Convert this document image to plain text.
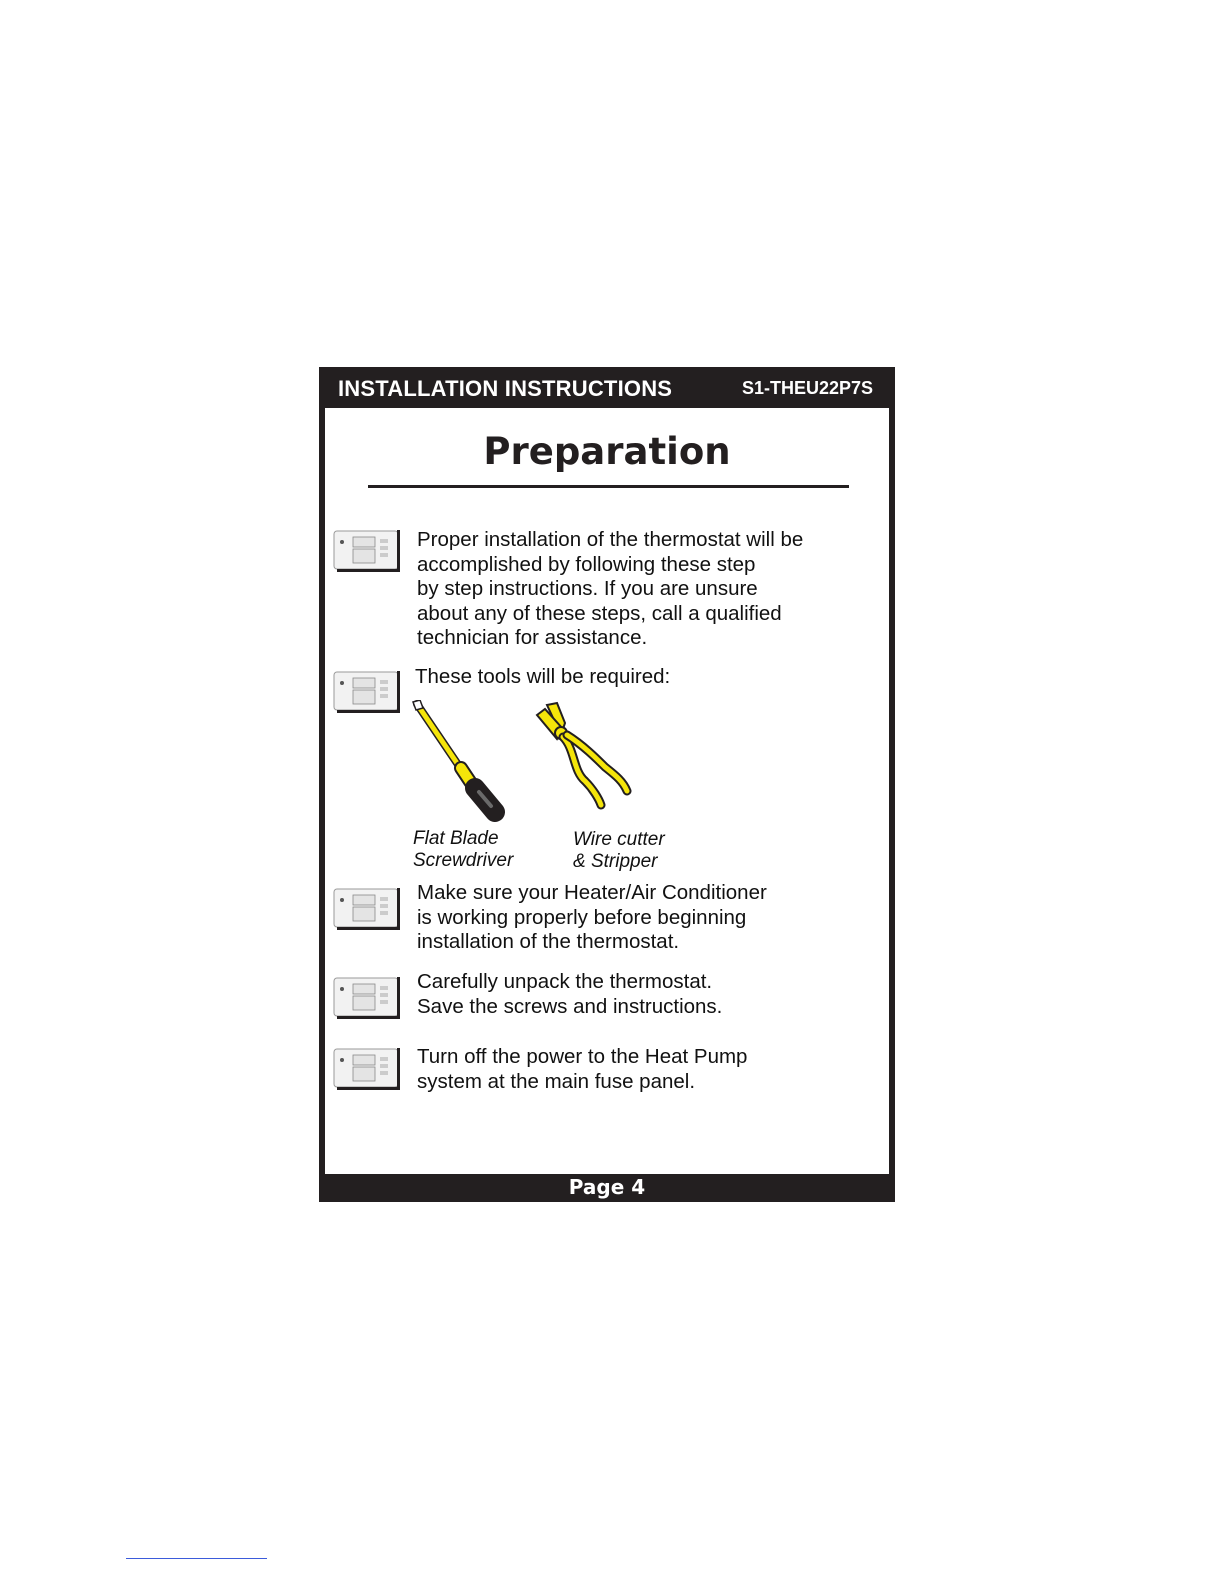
INSTALLATION INSTRUCTIONS	S1-THEU22P7S
Preparation
Proper installation of the thermostat will be
accomplished by following these step
by step instructions. If you are unsure
about any of these steps, call a qualified
technician for assistance.
These tools will be required:
Flat Blade
Screwdriver
Wire cutter
& Stripper
Make sure your Heater/Air Conditioner
is working properly before beginning
installation of the thermostat.
Carefully unpack the thermostat.
Save the screws and instructions.
Turn off the power to the Heat Pump
system at the main fuse panel.
Page 4
